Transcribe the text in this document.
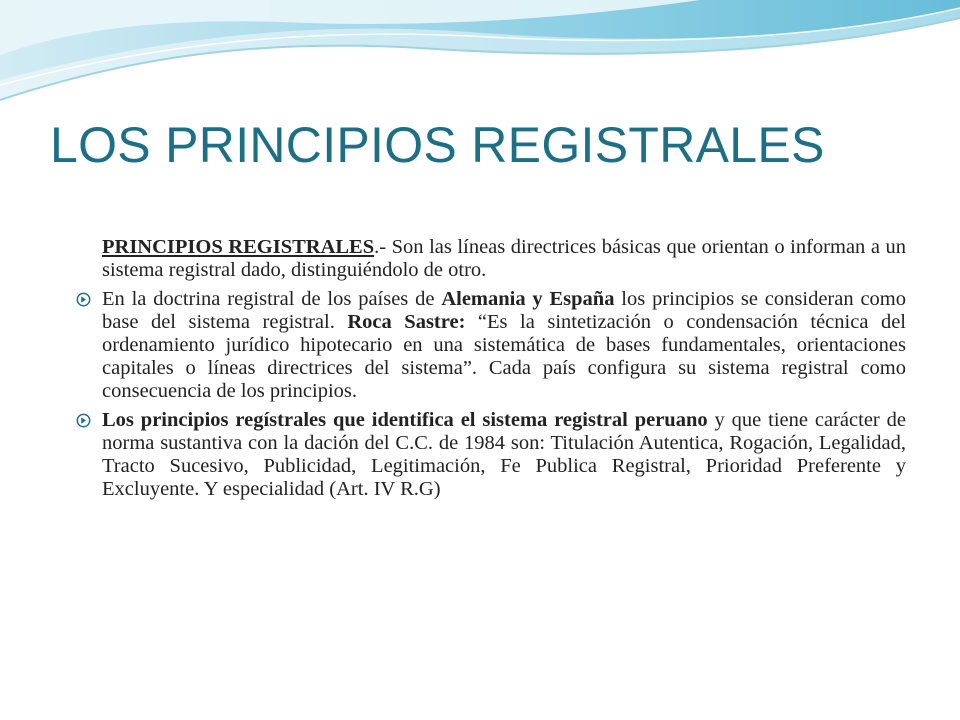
LOS PRINCIPIOS REGISTRALES

PRINCIPIOS REGISTRALES.- Son las líneas directrices básicas que orientan o informan a un sistema registral dado, distinguiéndolo de otro.

En la doctrina registral de los países de Alemania y España los principios se consideran como base del sistema registral. Roca Sastre: “Es la sintetización o condensación técnica del ordenamiento jurídico hipotecario en una sistemática de bases fundamentales, orientaciones capitales o líneas directrices del sistema”. Cada país configura su sistema registral como consecuencia de los principios.

Los principios regístrales que identifica el sistema registral peruano y que tiene carácter de norma sustantiva con la dación del C.C. de 1984 son: Titulación Autentica, Rogación, Legalidad, Tracto Sucesivo, Publicidad, Legitimación, Fe Publica Registral, Prioridad Preferente y Excluyente. Y especialidad (Art. IV R.G)
